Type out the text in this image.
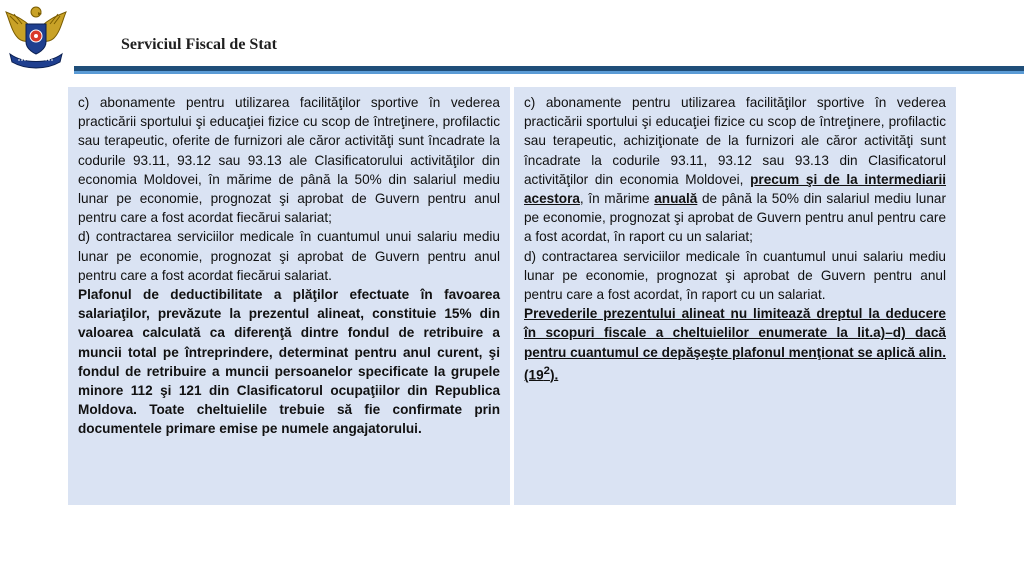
Serviciul Fiscal de Stat

c) abonamente pentru utilizarea facilităţilor sportive în vederea practicării sportului şi educaţiei fizice cu scop de întreţinere, profilactic sau terapeutic, oferite de furnizori ale căror activităţi sunt încadrate la codurile 93.11, 93.12 sau 93.13 ale Clasificatorului activităţilor din economia Moldovei, în mărime de până la 50% din salariul mediu lunar pe economie, prognozat şi aprobat de Guvern pentru anul pentru care a fost acordat fiecărui salariat;

d) contractarea serviciilor medicale în cuantumul unui salariu mediu lunar pe economie, prognozat şi aprobat de Guvern pentru anul pentru care a fost acordat fiecărui salariat.

Plafonul de deductibilitate a plăţilor efectuate în favoarea salariaţilor, prevăzute la prezentul alineat, constituie 15% din valoarea calculată ca diferenţă dintre fondul de retribuire a muncii total pe întreprindere, determinat pentru anul curent, şi fondul de retribuire a muncii persoanelor specificate la grupele minore 112 şi 121 din Clasificatorul ocupaţiilor din Republica Moldova. Toate cheltuielile trebuie să fie confirmate prin documentele primare emise pe numele angajatorului.

c) abonamente pentru utilizarea facilităţilor sportive în vederea practicării sportului şi educaţiei fizice cu scop de întreţinere, profilactic sau terapeutic, achiziţionate de la furnizori ale căror activităţi sunt încadrate la codurile 93.11, 93.12 sau 93.13 din Clasificatorul activităţilor din economia Moldovei, precum şi de la intermediarii acestora, în mărime anuală de până la 50% din salariul mediu lunar pe economie, prognozat şi aprobat de Guvern pentru anul pentru care a fost acordat, în raport cu un salariat;

d) contractarea serviciilor medicale în cuantumul unui salariu mediu lunar pe economie, prognozat şi aprobat de Guvern pentru anul pentru care a fost acordat, în raport cu un salariat.

Prevederile prezentului alineat nu limitează dreptul la deducere în scopuri fiscale a cheltuielilor enumerate la lit.a)–d) dacă pentru cuantumul ce depăşeşte plafonul menţionat se aplică $alin.(19^2)$.
